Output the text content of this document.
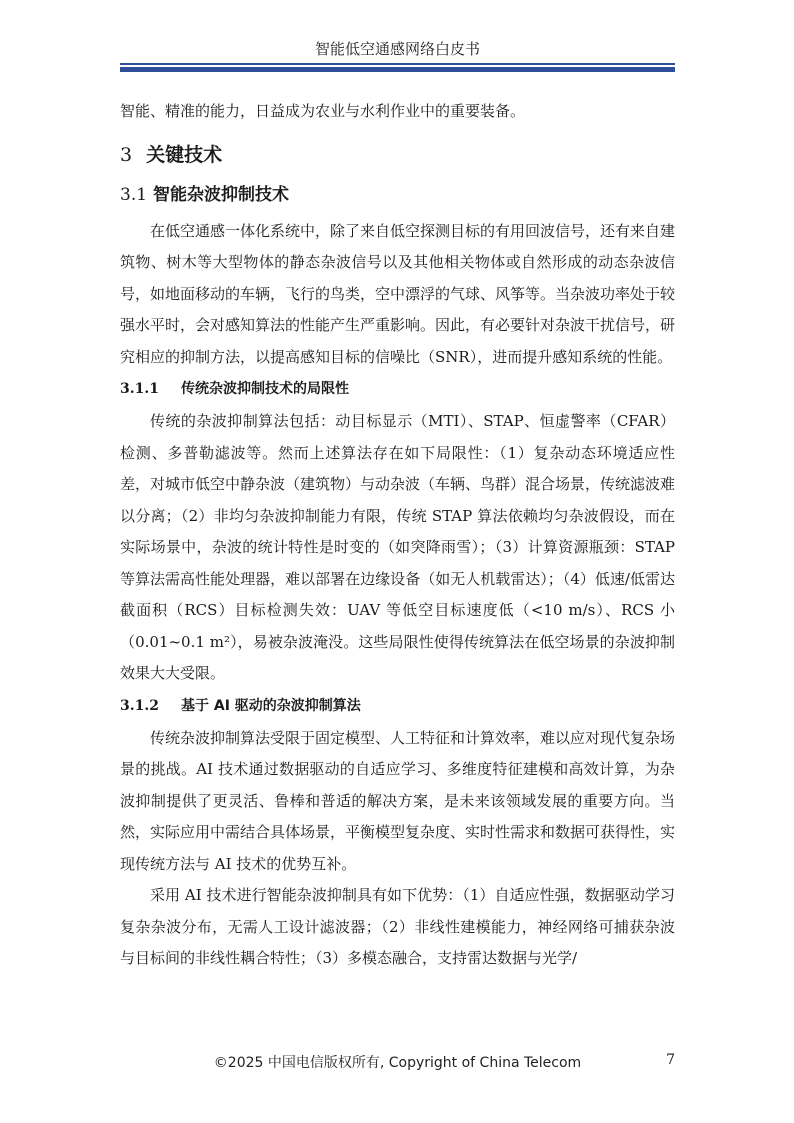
智能低空通感网络白皮书

智能、精准的能力，日益成为农业与水利作业中的重要装备。

3 关键技术
3.1 智能杂波抑制技术

在低空通感一体化系统中，除了来自低空探测目标的有用回波信号，还有来自建筑物、树木等大型物体的静态杂波信号以及其他相关物体或自然形成的动态杂波信号，如地面移动的车辆，飞行的鸟类，空中漂浮的气球、风筝等。当杂波功率处于较强水平时，会对感知算法的性能产生严重影响。因此，有必要针对杂波干扰信号，研究相应的抑制方法，以提高感知目标的信噪比（SNR），进而提升感知系统的性能。

3.1.1 传统杂波抑制技术的局限性

传统的杂波抑制算法包括：动目标显示（MTI）、STAP、恒虚警率（CFAR）检测、多普勒滤波等。然而上述算法存在如下局限性：（1）复杂动态环境适应性差，对城市低空中静杂波（建筑物）与动杂波（车辆、鸟群）混合场景，传统滤波难以分离；（2）非均匀杂波抑制能力有限，传统 STAP 算法依赖均匀杂波假设，而在实际场景中，杂波的统计特性是时变的（如突降雨雪）；（3）计算资源瓶颈：STAP 等算法需高性能处理器，难以部署在边缘设备（如无人机载雷达）；（4）低速/低雷达截面积（RCS）目标检测失效：UAV 等低空目标速度低（<10 m/s）、RCS 小（0.01~0.1 m²），易被杂波淹没。这些局限性使得传统算法在低空场景的杂波抑制效果大大受限。

3.1.2 基于 AI 驱动的杂波抑制算法

传统杂波抑制算法受限于固定模型、人工特征和计算效率，难以应对现代复杂场景的挑战。AI 技术通过数据驱动的自适应学习、多维度特征建模和高效计算，为杂波抑制提供了更灵活、鲁棒和普适的解决方案，是未来该领域发展的重要方向。当然，实际应用中需结合具体场景，平衡模型复杂度、实时性需求和数据可获得性，实现传统方法与 AI 技术的优势互补。

采用 AI 技术进行智能杂波抑制具有如下优势：（1）自适应性强，数据驱动学习复杂杂波分布，无需人工设计滤波器；（2）非线性建模能力，神经网络可捕获杂波与目标间的非线性耦合特性；（3）多模态融合，支持雷达数据与光学/

©2025 中国电信版权所有, Copyright of China Telecom	7
